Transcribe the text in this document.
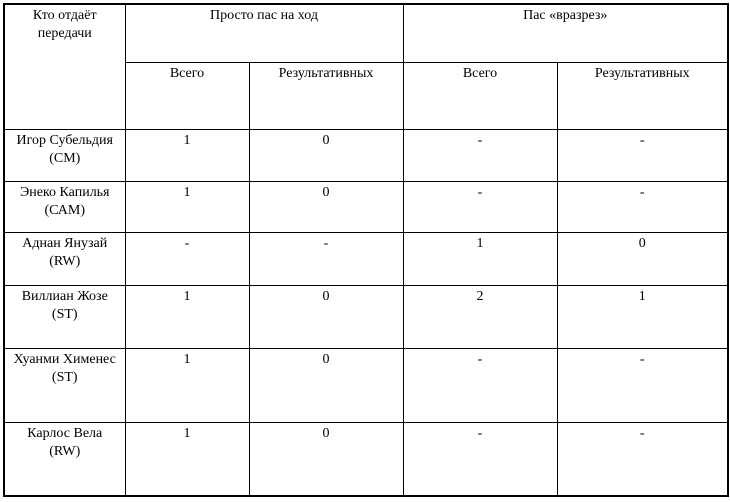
Кто отдаёт передачи	Просто пас на ход		Пас «вразрез»	
	Всего	Результативных	Всего	Результативных

Игор Субельдия
(СМ)	1	0	-	-

Энеко Капилья
(САМ)	1	0	-	-

Аднан Янузай
(RW)	-	-	1	0

Виллиан Жозе
(ST)	1	0	2	1

Хуанми Хименес
(ST)	1	0	-	-

Карлос Вела
(RW)	1	0	-	-
